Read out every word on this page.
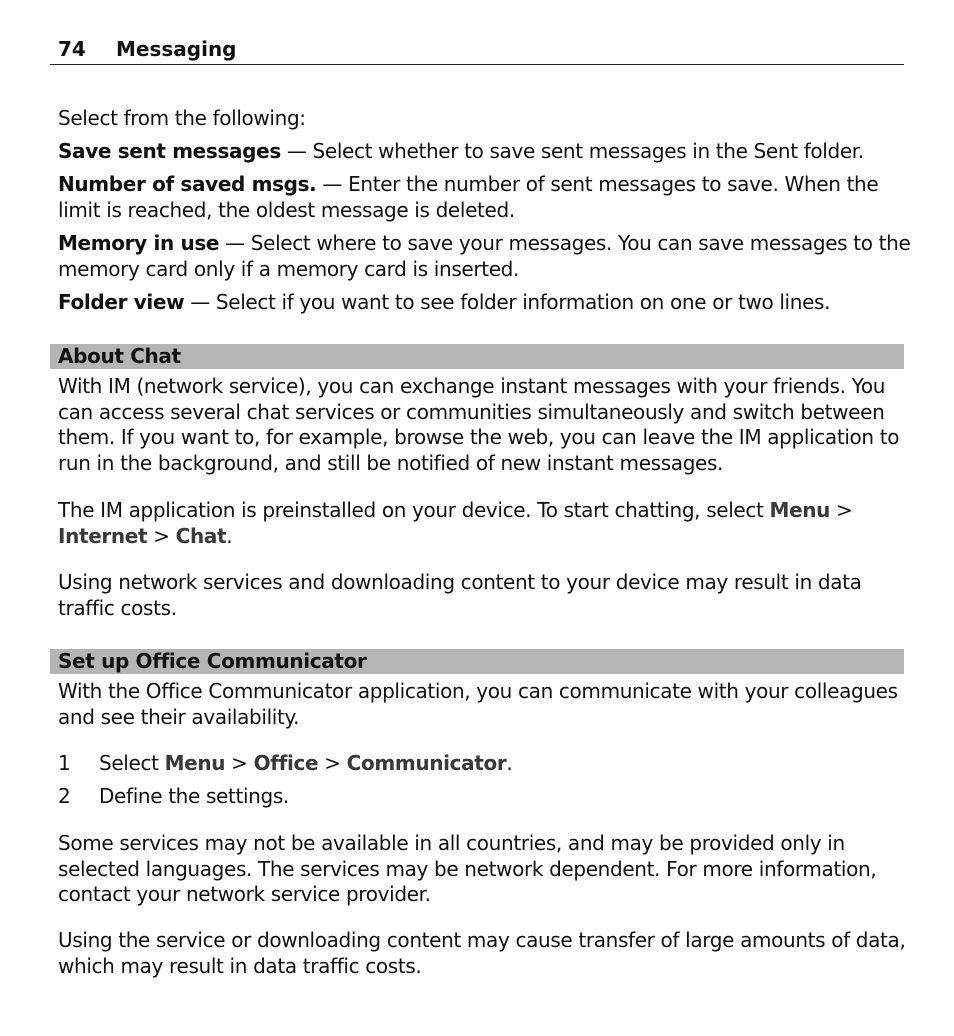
74 Messaging

Select from the following:

Save sent messages — Select whether to save sent messages in the Sent folder.

Number of saved msgs. — Enter the number of sent messages to save. When the limit is reached, the oldest message is deleted.

Memory in use — Select where to save your messages. You can save messages to the memory card only if a memory card is inserted.

Folder view — Select if you want to see folder information on one or two lines.

About Chat

With IM (network service), you can exchange instant messages with your friends. You can access several chat services or communities simultaneously and switch between them. If you want to, for example, browse the web, you can leave the IM application to run in the background, and still be notified of new instant messages.

The IM application is preinstalled on your device. To start chatting, select Menu > Internet > Chat.

Using network services and downloading content to your device may result in data traffic costs.

Set up Office Communicator

With the Office Communicator application, you can communicate with your colleagues and see their availability.

1 Select Menu > Office > Communicator.
2 Define the settings.

Some services may not be available in all countries, and may be provided only in selected languages. The services may be network dependent. For more information, contact your network service provider.

Using the service or downloading content may cause transfer of large amounts of data, which may result in data traffic costs.
